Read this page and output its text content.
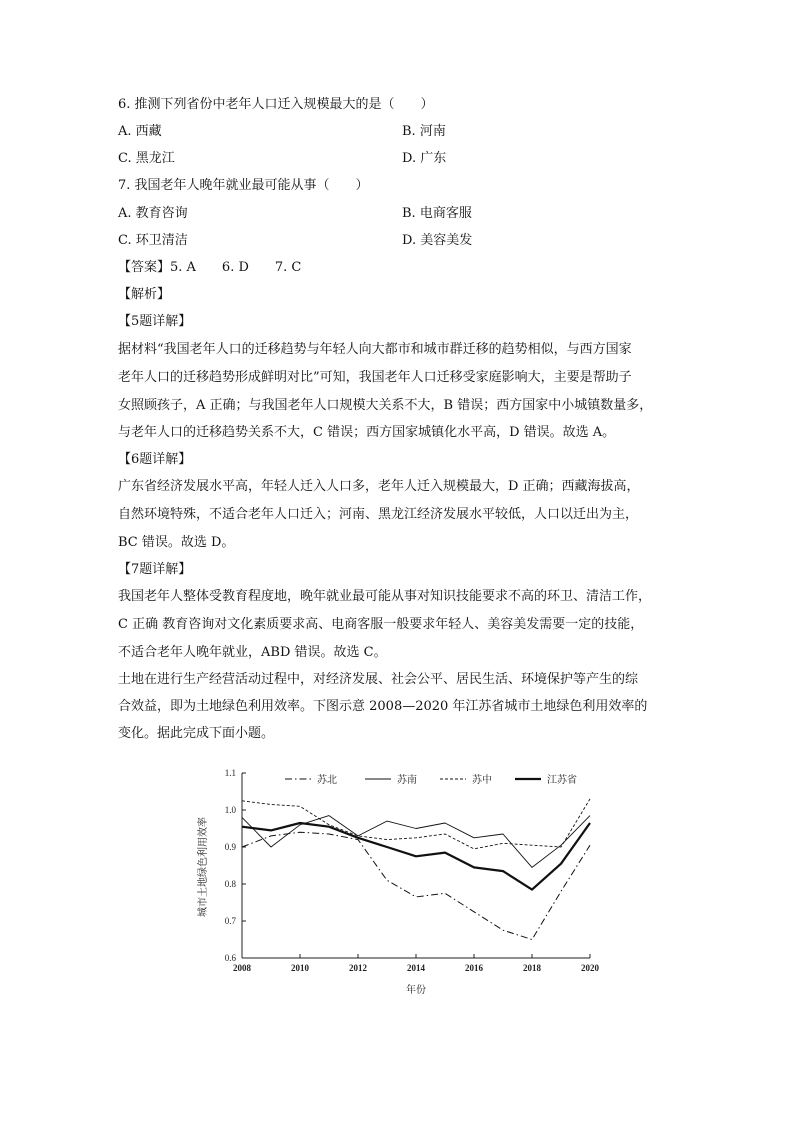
6. 推测下列省份中老年人口迁入规模最大的是（　　）
A. 西藏	B. 河南
C. 黑龙江	D. 广东
7. 我国老年人晚年就业最可能从事（　　）
A. 教育咨询	B. 电商客服
C. 环卫清洁	D. 美容美发
【答案】5. A　　6. D　　7. C
【解析】
【5题详解】
据材料“我国老年人口的迁移趋势与年轻人向大都市和城市群迁移的趋势相似，与西方国家
老年人口的迁移趋势形成鲜明对比”可知，我国老年人口迁移受家庭影响大，主要是帮助子
女照顾孩子，A 正确；与我国老年人口规模大关系不大，B 错误；西方国家中小城镇数量多，
与老年人口的迁移趋势关系不大，C 错误；西方国家城镇化水平高，D 错误。故选 A。
【6题详解】
广东省经济发展水平高，年轻人迁入人口多，老年人迁入规模最大，D 正确；西藏海拔高，
自然环境特殊，不适合老年人口迁入；河南、黑龙江经济发展水平较低，人口以迁出为主，
BC 错误。故选 D。
【7题详解】
我国老年人整体受教育程度地，晚年就业最可能从事对知识技能要求不高的环卫、清洁工作，
C 正确 教育咨询对文化素质要求高、电商客服一般要求年轻人、美容美发需要一定的技能，
不适合老年人晚年就业，ABD 错误。故选 C。
土地在进行生产经营活动过程中，对经济发展、社会公平、居民生活、环境保护等产生的综
合效益，即为土地绿色利用效率。下图示意 2008—2020 年江苏省城市土地绿色利用效率的
变化。据此完成下面小题。
城市土地绿色利用效率
年份
0.6
0.7
0.8
0.9
1.0
1.1
2008	2010	2012	2014	2016	2018	2020
苏北	苏南	苏中	江苏省
